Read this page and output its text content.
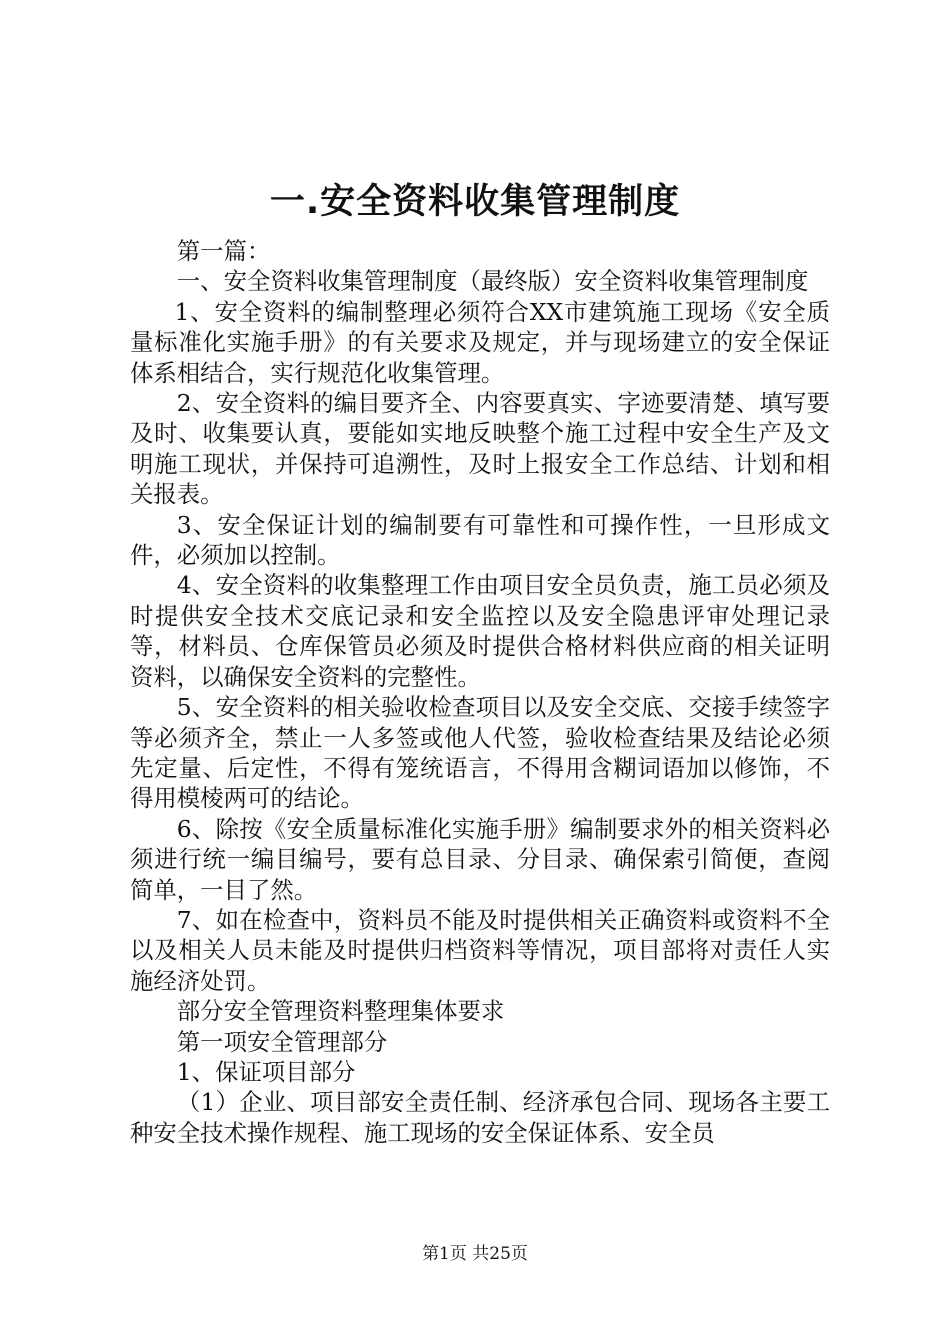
一.安全资料收集管理制度

第一篇：

一、安全资料收集管理制度（最终版）安全资料收集管理制度

1、安全资料的编制整理必须符合XX市建筑施工现场《安全质量标准化实施手册》的有关要求及规定，并与现场建立的安全保证体系相结合，实行规范化收集管理。

2、安全资料的编目要齐全、内容要真实、字迹要清楚、填写要及时、收集要认真，要能如实地反映整个施工过程中安全生产及文明施工现状，并保持可追溯性，及时上报安全工作总结、计划和相关报表。

3、安全保证计划的编制要有可靠性和可操作性，一旦形成文件，必须加以控制。

4、安全资料的收集整理工作由项目安全员负责，施工员必须及时提供安全技术交底记录和安全监控以及安全隐患评审处理记录等，材料员、仓库保管员必须及时提供合格材料供应商的相关证明资料，以确保安全资料的完整性。

5、安全资料的相关验收检查项目以及安全交底、交接手续签字等必须齐全，禁止一人多签或他人代签，验收检查结果及结论必须先定量、后定性，不得有笼统语言，不得用含糊词语加以修饰，不得用模棱两可的结论。

6、除按《安全质量标准化实施手册》编制要求外的相关资料必须进行统一编目编号，要有总目录、分目录、确保索引简便，查阅简单，一目了然。

7、如在检查中，资料员不能及时提供相关正确资料或资料不全以及相关人员未能及时提供归档资料等情况，项目部将对责任人实施经济处罚。

部分安全管理资料整理集体要求

第一项安全管理部分

1、保证项目部分

（1）企业、项目部安全责任制、经济承包合同、现场各主要工种安全技术操作规程、施工现场的安全保证体系、安全员

第1页 共25页
